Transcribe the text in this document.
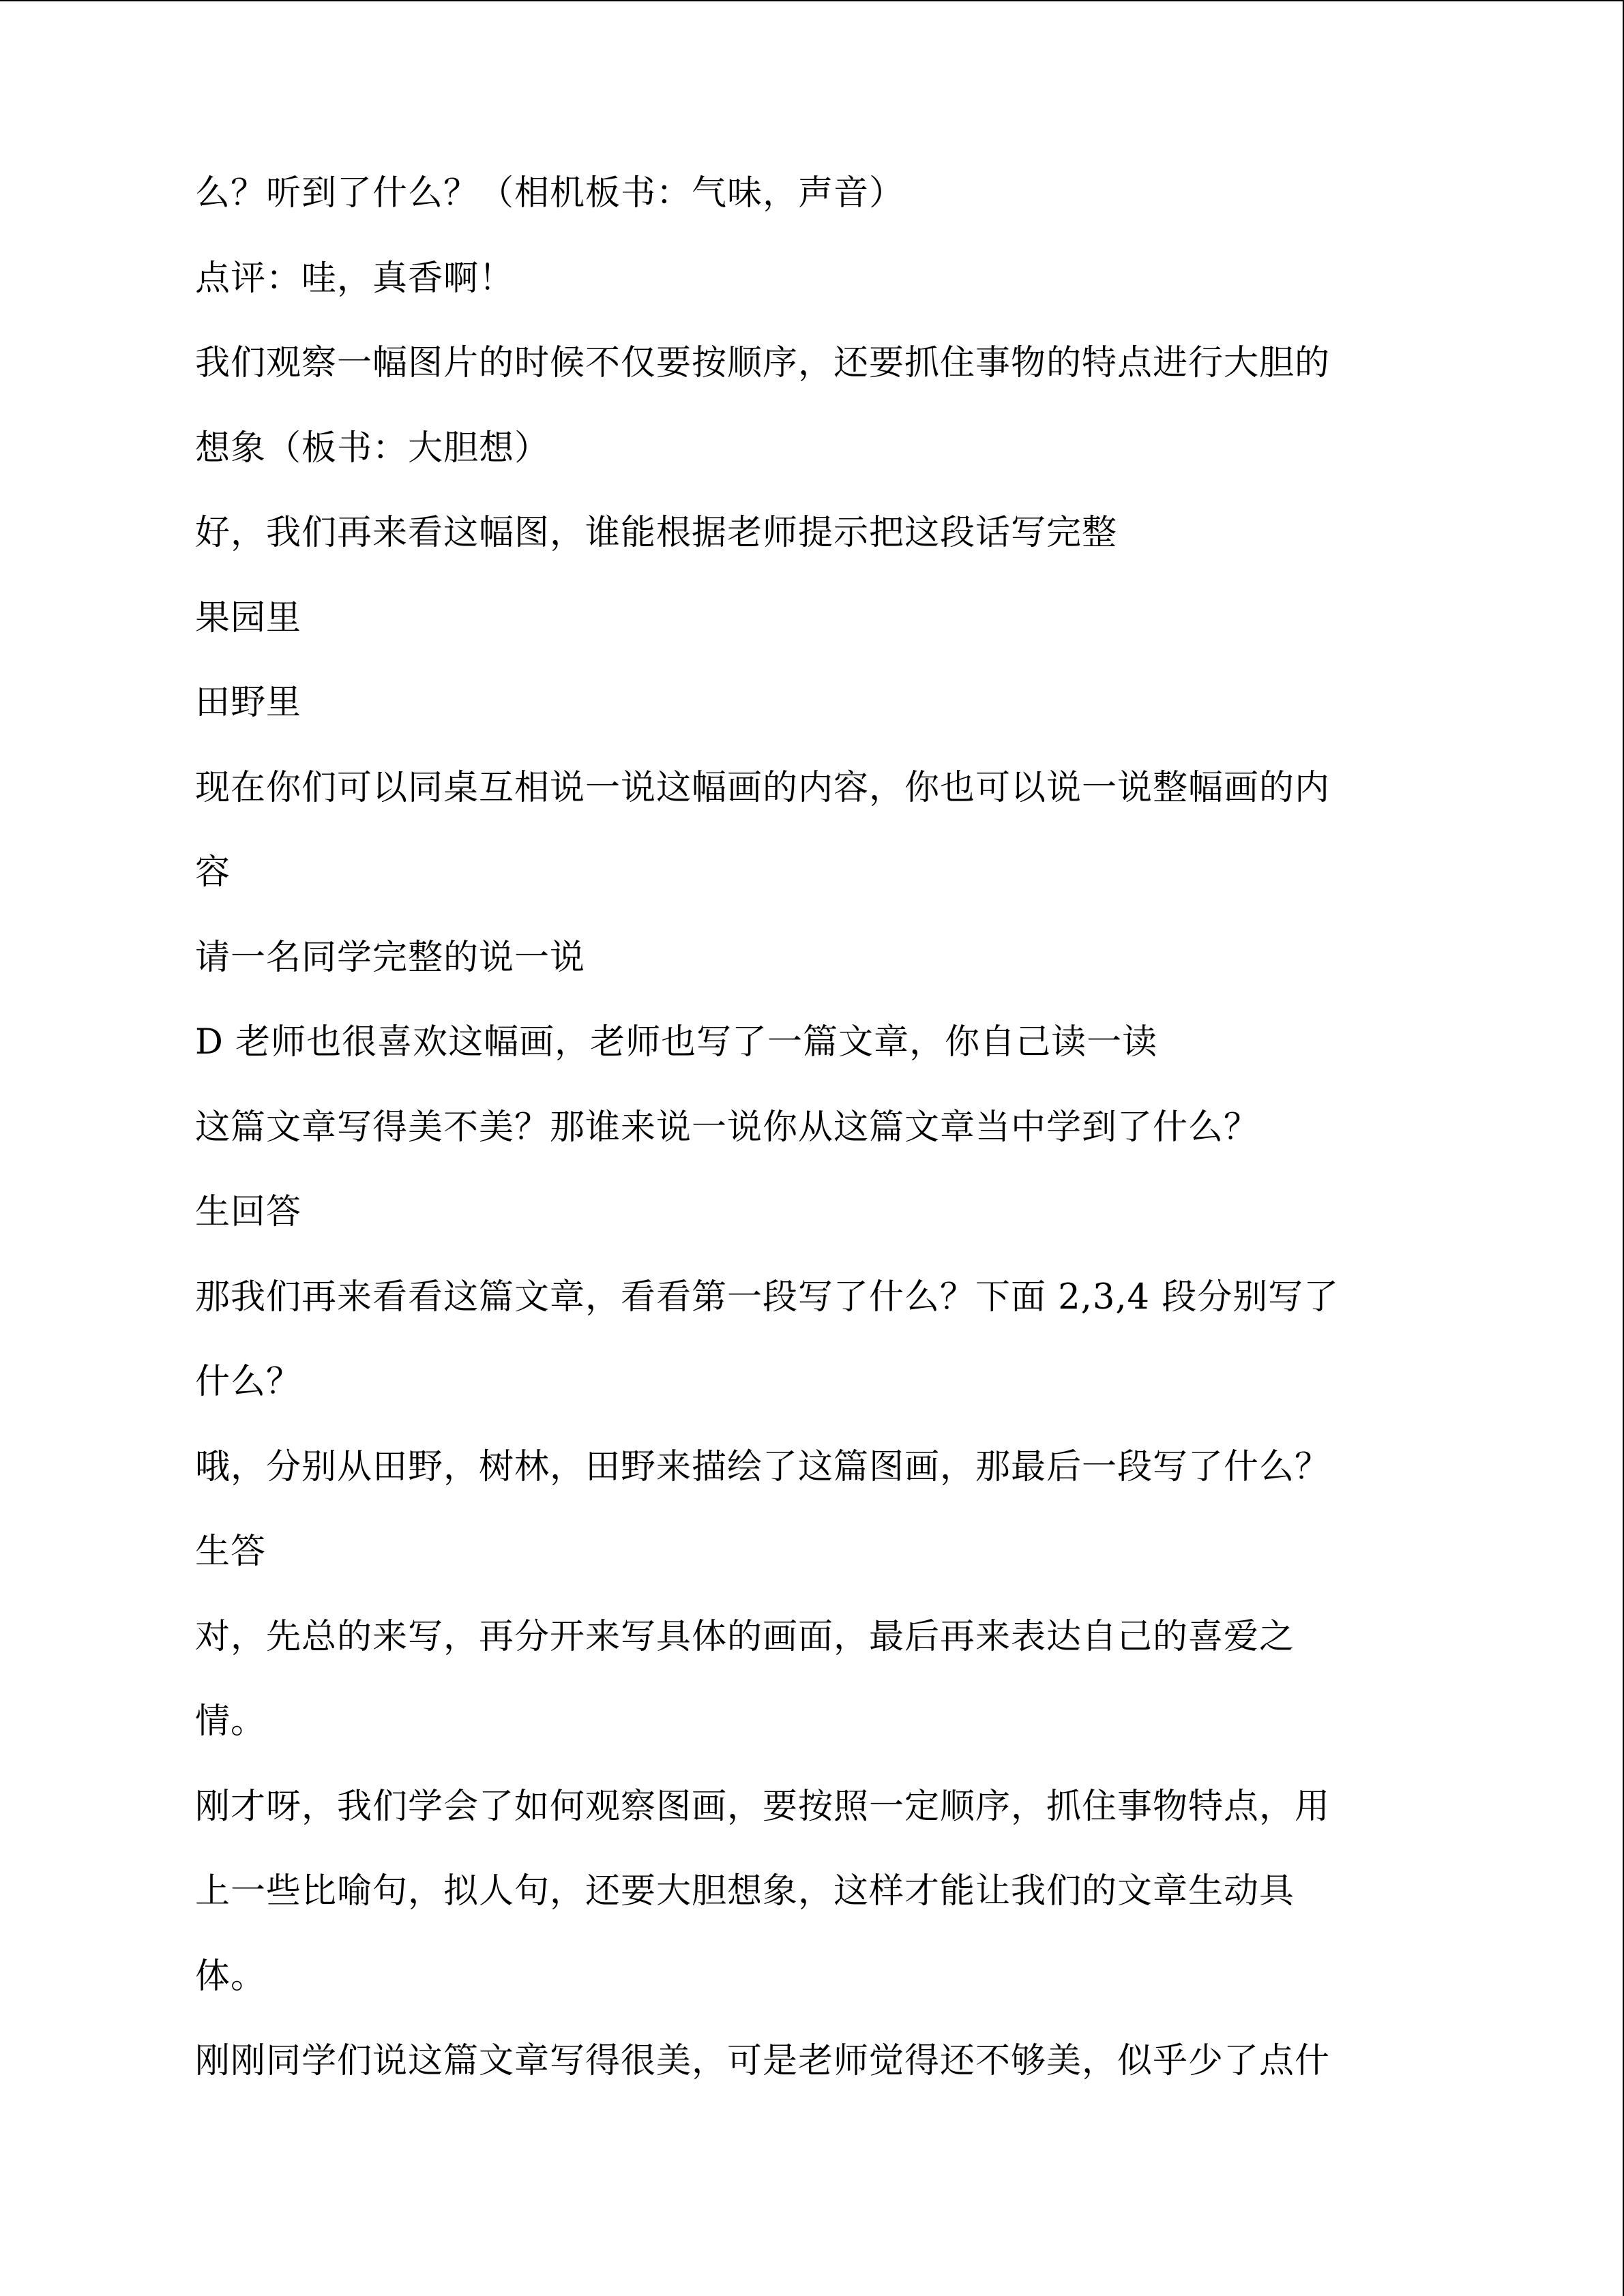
么？听到了什么？（相机板书：气味，声音）
点评：哇，真香啊！
我们观察一幅图片的时候不仅要按顺序，还要抓住事物的特点进行大胆的
想象（板书：大胆想）
好，我们再来看这幅图，谁能根据老师提示把这段话写完整
果园里
田野里
现在你们可以同桌互相说一说这幅画的内容，你也可以说一说整幅画的内
容
请一名同学完整的说一说
D 老师也很喜欢这幅画，老师也写了一篇文章，你自己读一读
这篇文章写得美不美？那谁来说一说你从这篇文章当中学到了什么？
生回答
那我们再来看看这篇文章，看看第一段写了什么？下面 2,3,4 段分别写了
什么？
哦，分别从田野，树林，田野来描绘了这篇图画，那最后一段写了什么？
生答
对，先总的来写，再分开来写具体的画面，最后再来表达自己的喜爱之
情。
刚才呀，我们学会了如何观察图画，要按照一定顺序，抓住事物特点，用
上一些比喻句，拟人句，还要大胆想象，这样才能让我们的文章生动具
体。
刚刚同学们说这篇文章写得很美，可是老师觉得还不够美，似乎少了点什
